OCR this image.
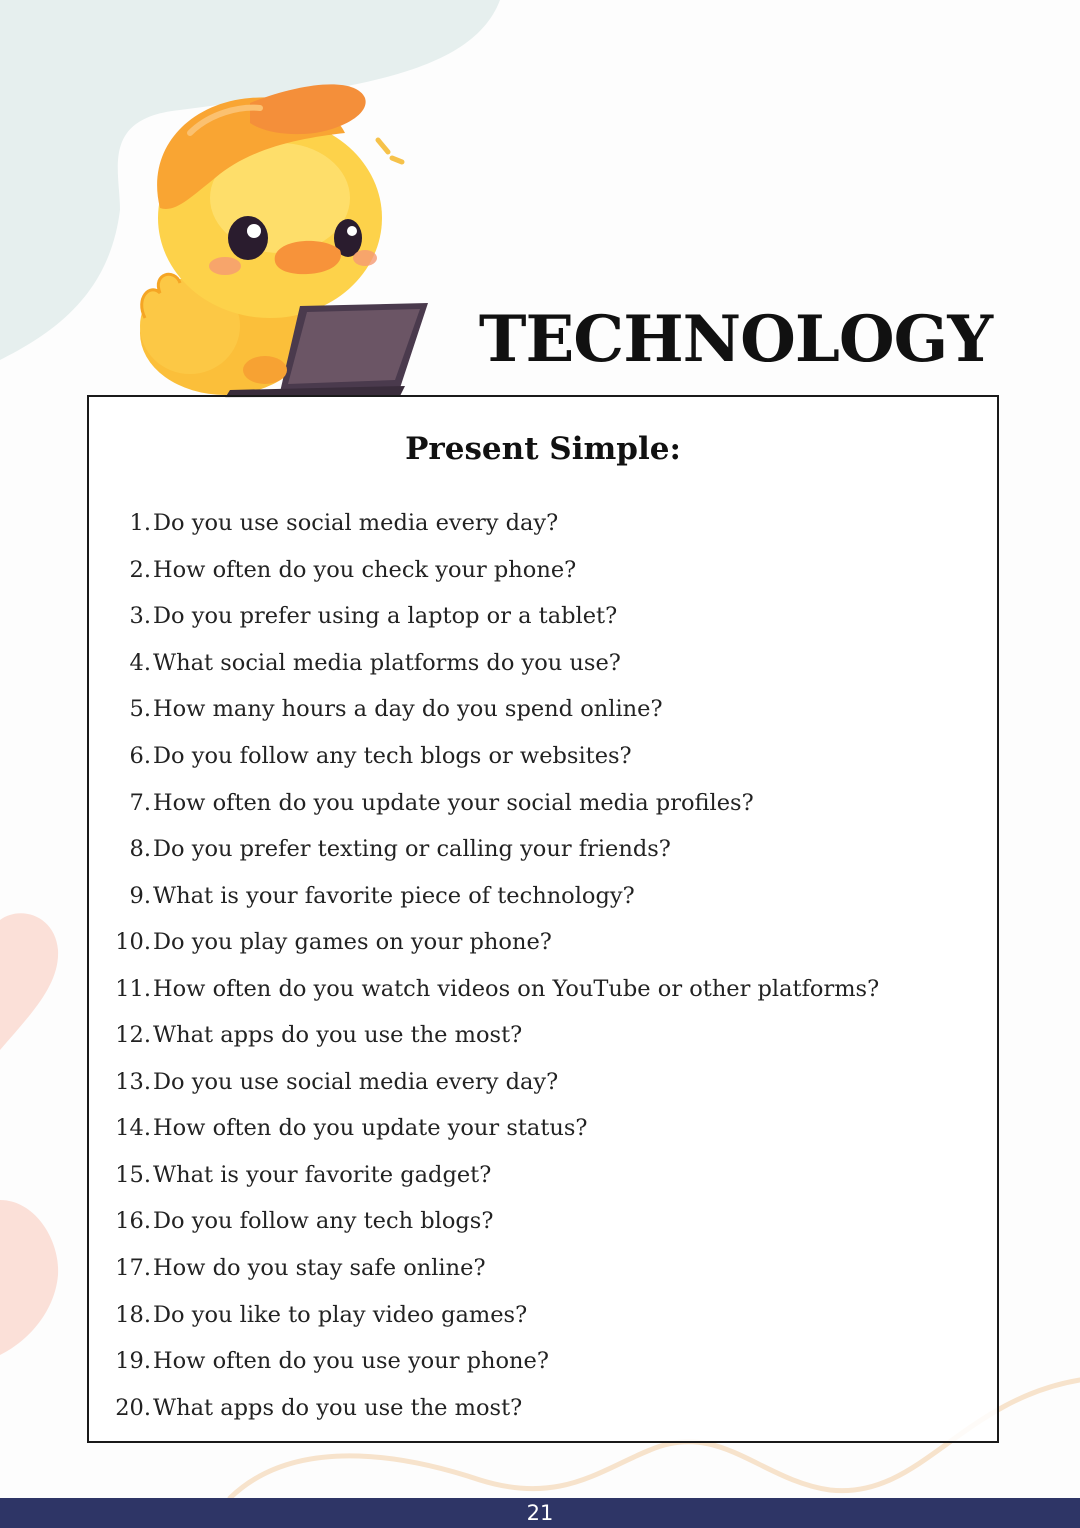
TECHNOLOGY
Present Simple:
1. Do you use social media every day?
2. How often do you check your phone?
3. Do you prefer using a laptop or a tablet?
4. What social media platforms do you use?
5. How many hours a day do you spend online?
6. Do you follow any tech blogs or websites?
7. How often do you update your social media profiles?
8. Do you prefer texting or calling your friends?
9. What is your favorite piece of technology?
10. Do you play games on your phone?
11. How often do you watch videos on YouTube or other platforms?
12. What apps do you use the most?
13. Do you use social media every day?
14. How often do you update your status?
15. What is your favorite gadget?
16. Do you follow any tech blogs?
17. How do you stay safe online?
18. Do you like to play video games?
19. How often do you use your phone?
20. What apps do you use the most?
21
